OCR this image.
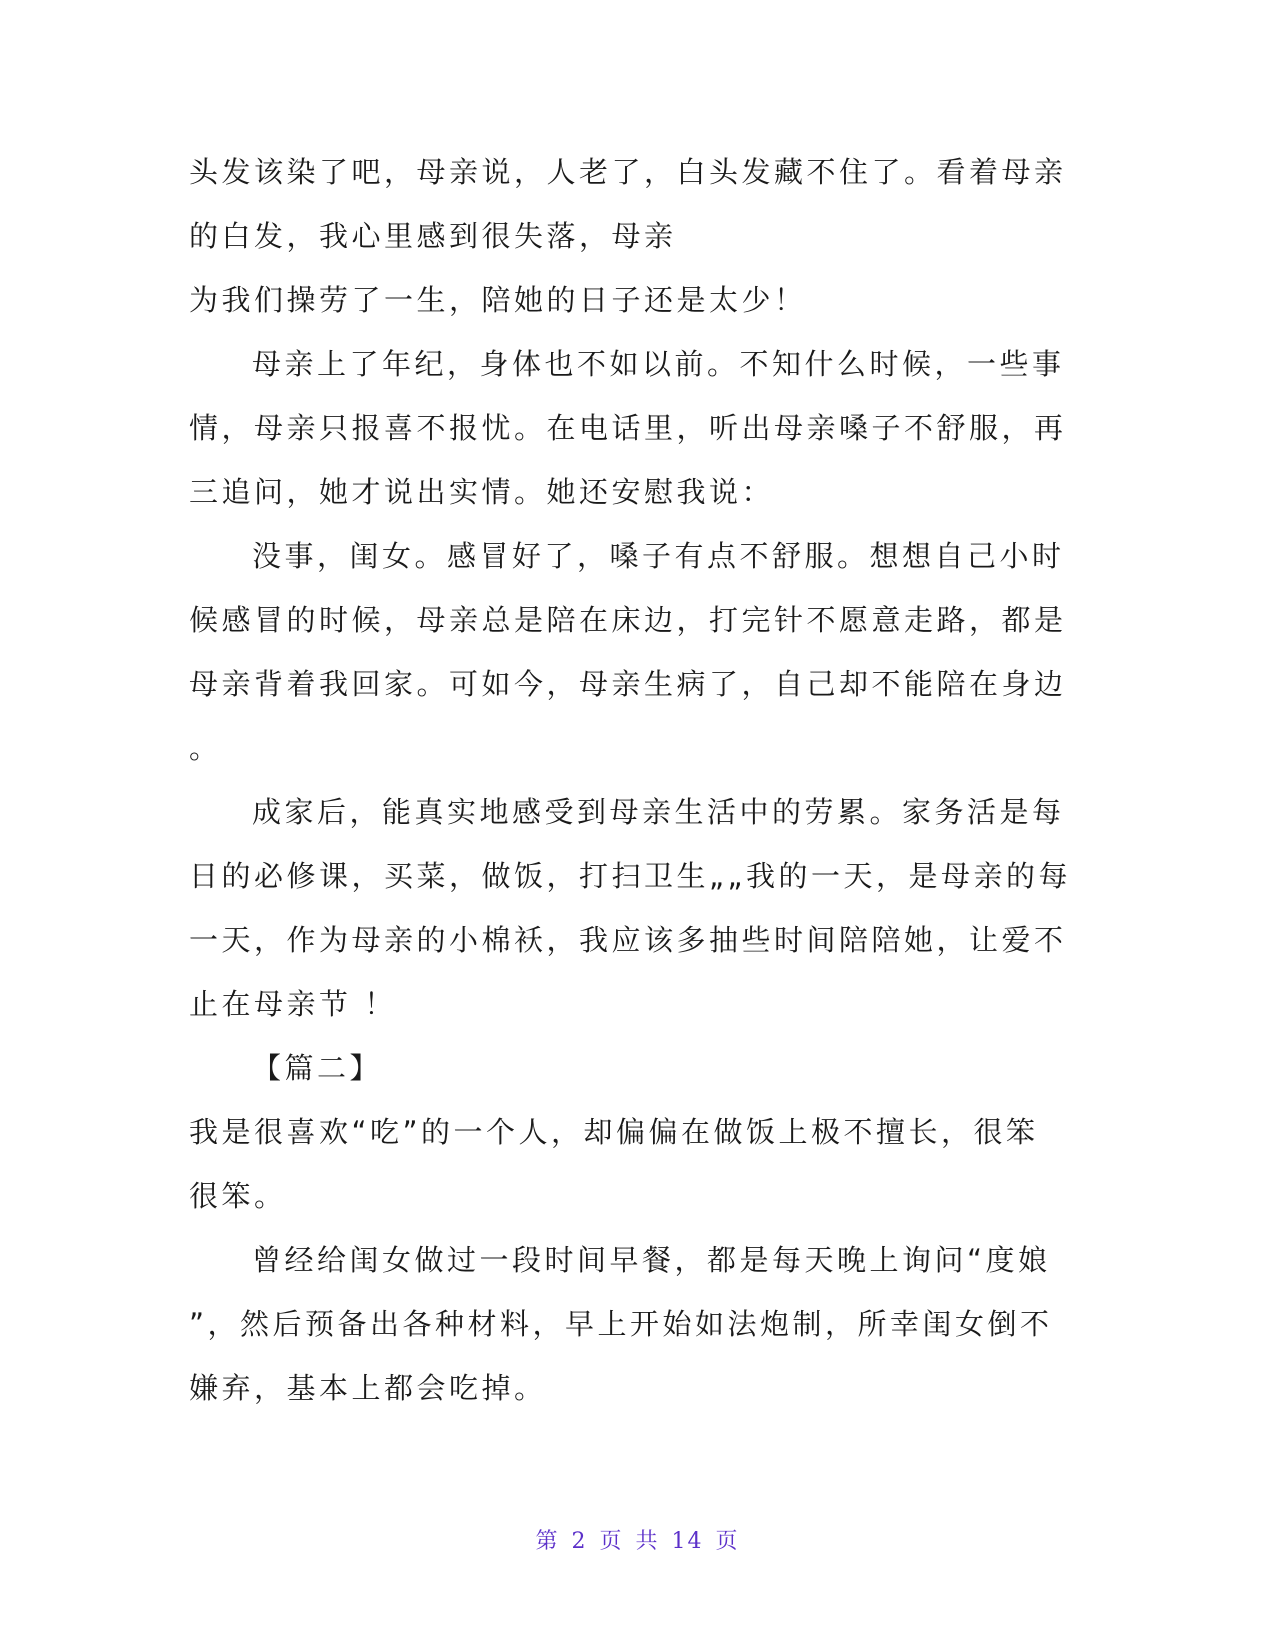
头发该染了吧，母亲说，人老了，白头发藏不住了。看着母亲
的白发，我心里感到很失落，母亲
为我们操劳了一生，陪她的日子还是太少！
母亲上了年纪，身体也不如以前。不知什么时候，一些事
情，母亲只报喜不报忧。在电话里，听出母亲嗓子不舒服，再
三追问，她才说出实情。她还安慰我说：
没事，闺女。感冒好了，嗓子有点不舒服。想想自己小时
候感冒的时候，母亲总是陪在床边，打完针不愿意走路，都是
母亲背着我回家。可如今，母亲生病了，自己却不能陪在身边
。
成家后，能真实地感受到母亲生活中的劳累。家务活是每
日的必修课，买菜，做饭，打扫卫生„„我的一天，是母亲的每
一天，作为母亲的小棉袄，我应该多抽些时间陪陪她，让爱不
止在母亲节 ！
【篇二】
我是很喜欢“吃”的一个人，却偏偏在做饭上极不擅长，很笨
很笨。
曾经给闺女做过一段时间早餐，都是每天晚上询问“度娘
”，然后预备出各种材料，早上开始如法炮制，所幸闺女倒不
嫌弃，基本上都会吃掉。
第 2 页 共 14 页
